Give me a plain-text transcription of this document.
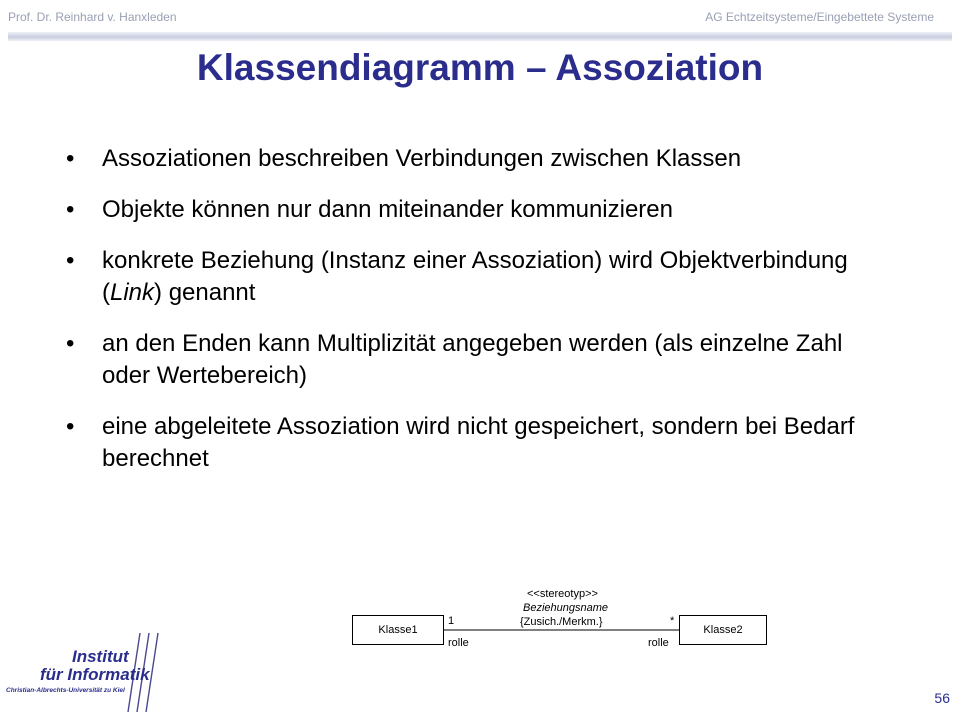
Prof. Dr. Reinhard v. Hanxleden	AG Echtzeitsysteme/Eingebettete Systeme
Klassendiagramm – Assoziation
• Assoziationen beschreiben Verbindungen zwischen Klassen
• Objekte können nur dann miteinander kommunizieren
• konkrete Beziehung (Instanz einer Assoziation) wird Objektverbindung (Link) genannt
• an den Enden kann Multiplizität angegeben werden (als einzelne Zahl oder Wertebereich)
• eine abgeleitete Assoziation wird nicht gespeichert, sondern bei Bedarf berechnet
Klasse1	Klasse2
<<stereotyp>>
Beziehungsname
{Zusich./Merkm.}
1	*
rolle	rolle
Institut
für Informatik
Christian-Albrechts-Universität zu Kiel	56
